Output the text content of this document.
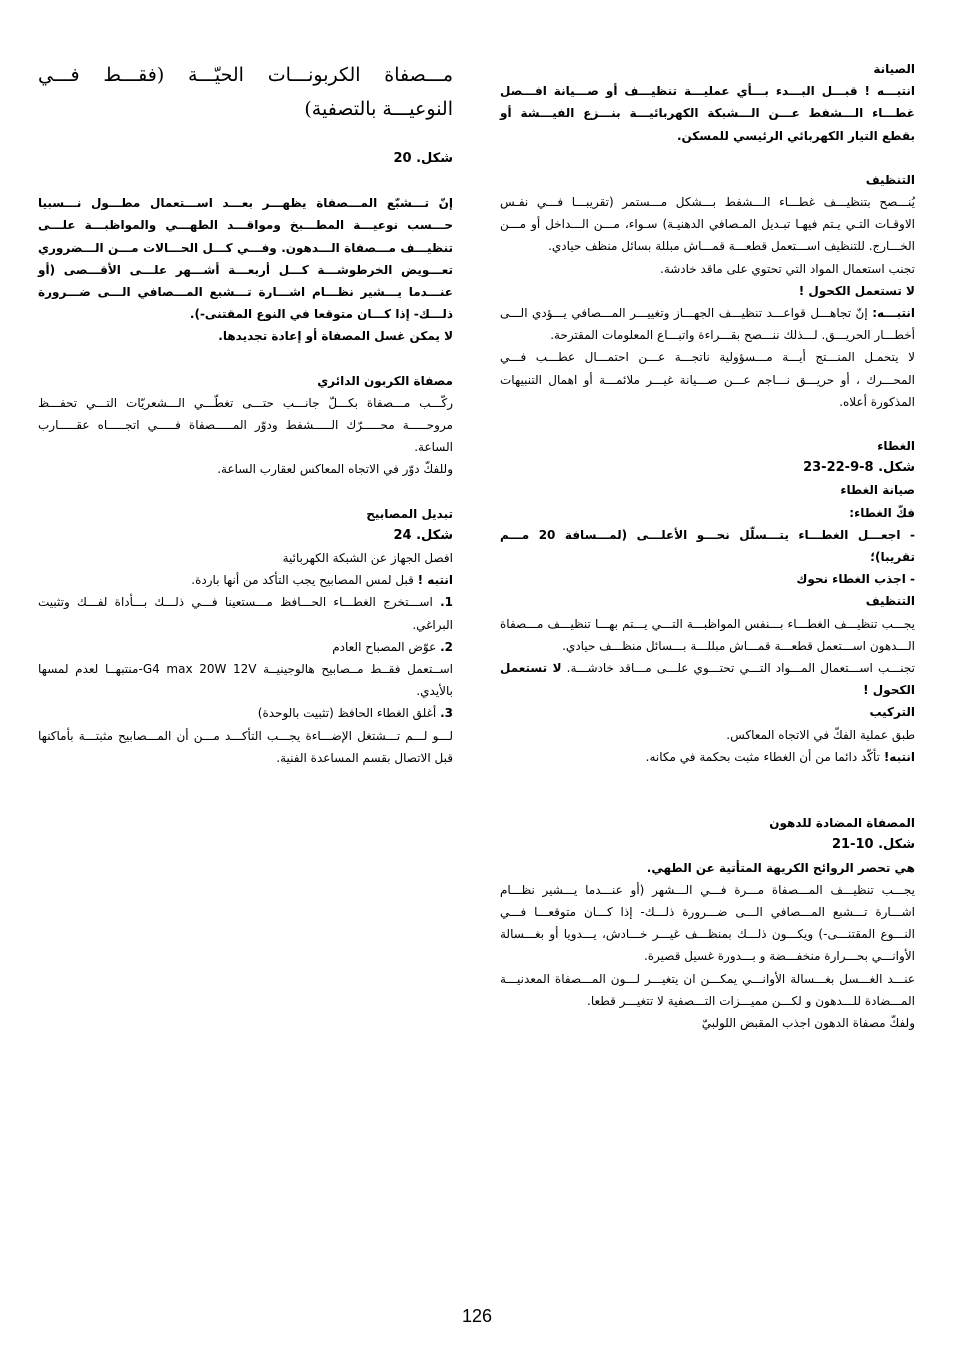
الصيانة

انتبـــه ! قبـــل البـــدء بـــأي عمليـــة تنظيـــف أو صـــيانة افـــصل غطـــاء الـــشفط عـــن الـــشبكة الكهربائيـــة بنـــزع الفيـــشة أو بقطع التيار الكهربائي الرئيسي للمسكن.

التنظيف

يُنـــصح بتنظيـــف غطـــاء الـــشفط بـــشكل مـــستمر (تقريبـــا فـــي نفـس الاوقـات التـي يـتم فيهـا تبـديل المـصافي الدهنيـة) سـواء، مـــن الـــداخل أو مـــن الخـــارج. للتنظيف اســـتعمل قطعـــة قمـــاش مبللة بسائل منظف حيادي.

تجنب استعمال المواد التي تحتوي على ماقد خادشة.

لا تستعمل الكحول !

انتبـــه: إنّ تجاهـــل قواعـــد تنظيـــف الجهـــاز وتغييـــر المـــصافي يـــؤدي الـــى أخطـــار الحريـــق. لـــذلك ننـــصح بقـــراءة واتبـــاع المعلومات المقترحة.

لا يتحمـل المنـــتج أيـــة مـــسؤولية ناتجـــة عـــن احتمـــال عطـــب فـــي المحـــرك ، أو حريـــق نـــاجم عـــن صـــيانة غيـــر ملائمـــة أو اهمال التنبيهات المذكورة أعلاه.

الغطاء

شكل. 8-9-22-23

صيانة الغطاء

فكّ الغطاء:

- اجعـــل الغطـــاء يتـــسلّل نحـــو الأعلـــى (لمـــسافة 20 مـــم تقريبا)؛

- اجذب الغطاء نحوك

التنظيف

يجـــب تنظيـــف الغطـــاء بـــنفس المواظبـــة التـــي يـــتم بهـــا تنظيـــف مـــصفاة الـــدهون اســـتعمل قطعـــة قمـــاش مبللـــة بـــسائل منظـــف حيادي.

تجنـــب اســـتعمال المـــواد التـــي تحتـــوي علـــى مـــاقد خادشـــة. لا تستعمل الكحول !

التركيب

طبق عملية الفكّ في الاتجاه المعاكس.

انتبه! تأكّد دائما من أن الغطاء مثبت بحكمة في مكانه.

المصفاة المضادة للدهون

شكل. 10-21

هي تحصر الروائح الكريهة المتأتية عن الطهي.

يجـــب تنظيـــف المـــصفاة مـــرة فـــي الـــشهر (أو عنـــدما يـــشير نظـــام اشـــارة تـــشبع المـــصافي الـــى ضـــرورة ذلـــك- إذا كـــان متوقعـــا فـــي النـــوع المقتنـــى-) ويكـــون ذلـــك بمنظـــف غيـــر خـــادش، يـــدويا أو بغـــسالة الأوانـــي بحـــرارة منخفـــضة و بـــدورة غسيل قصيرة.

عنـــد الغـــسل بغـــسالة الأوانـــي يمكـــن ان يتغيـــر لـــون المـــصفاة المعدنيـــة المـــضادة للـــدهون و لكـــن مميـــزات التـــصفية لا تتغيـــر قطعا.

ولفكّ مصفاة الدهون اجذب المقبض اللولبيّ

مـــصفاة الكربونـــات الحيّـــة (فقـــط فـــي النوعيـــة بالتصفية)

شكل. 20

إنّ تـــشبّع المـــصفاة يظهـــر بعـــد اســـتعمال مطـــول نـــسبيا حـــسب نوعيـــة المطـــبخ ومواقـــد الطهـــي والمواظبـــة علـــى تنظيـــف مـــصفاة الـــدهون. وفـــي كـــل الحـــالات مـــن الـــضروري تعـــويض الخرطوشـــة كـــل أربعـــة أشـــهر علـــى الأقـــصى (أو عنـــدما يـــشير نظـــام اشـــارة تـــشبع المـــصافي الـــى ضـــرورة ذلـــك- إذا كـــان متوقعا في النوع المقتنى-).

لا يمكن غسل المصفاة أو إعادة تجديدها.

مصفاة الكربون الدائري

ركّـــب مـــصفاة بكـــلّ جانـــب حتـــى تغطّـــي الـــشعريّات التـــي تحفـــظ مروحـــــة محـــــرّك الـــــشفط ودوّر المـــــصفاة فـــــي اتجـــــاه عقـــــارب الساعة.

وللفكّ دوّر في الاتجاه المعاكس لعقارب الساعة.

تبديل المصابيح

شكل. 24

افصل الجهاز عن الشبكة الكهربائية

انتبه ! قبل لمس المصابيح يجب التأكد من أنها باردة.

1. اســـتخرج الغطـــاء الحـــافظ مـــستعينا فـــي ذلـــك بـــأداة لفـــك وتثبيت البراغي.

2. عوّض المصباح العادم

اســتعمل فقــط مــصابيح هالوجينيــة G4 max 20W 12V-منتبهــا لعدم لمسها بالأيدي.

3. أغلق الغطاء الحافظ (تثبيت بالوحدة)

لـــو لـــم تـــشتغل الإضـــاءة يجـــب التأكـــد مـــن أن المـــصابيح مثبتـــة بأماكنها قبل الاتصال بقسم المساعدة الفنية.

126
